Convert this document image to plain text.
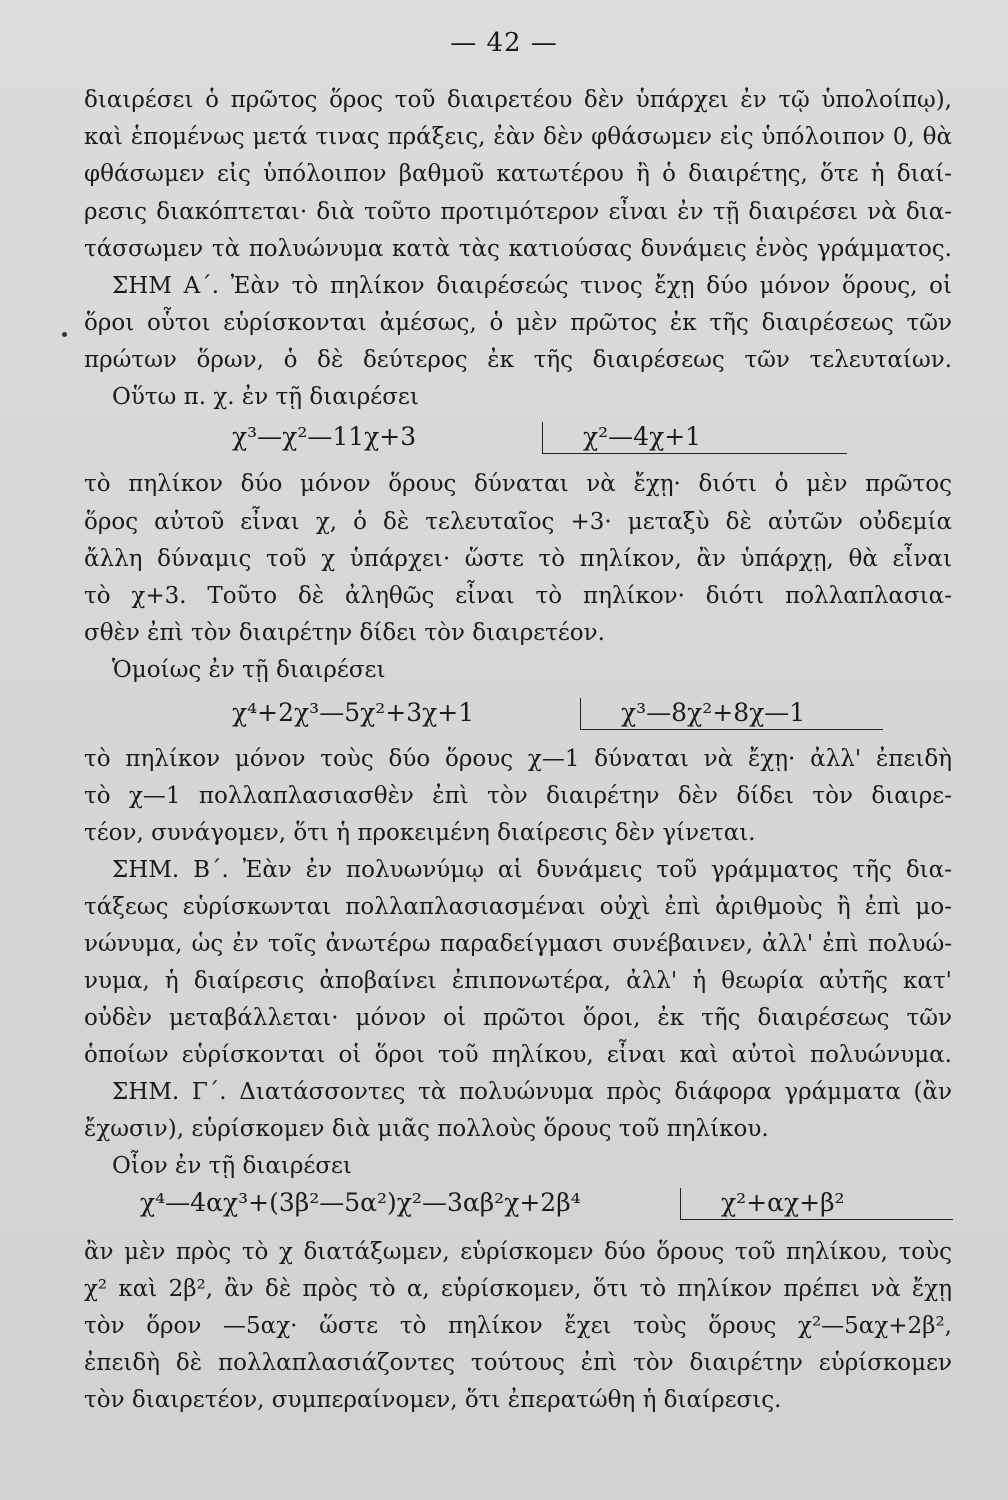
— 42 —
διαιρέσει ὁ πρῶτος ὅρος τοῦ διαιρετέου δὲν ὑπάρχει ἐν τῷ ὑπολοίπῳ),
καὶ ἑπομένως μετά τινας πράξεις, ἐὰν δὲν φθάσωμεν εἰς ὑπόλοιπον 0, θὰ
φθάσωμεν εἰς ὑπόλοιπον βαθμοῦ κατωτέρου ἢ ὁ διαιρέτης, ὅτε ἡ διαί-
ρεσις διακόπτεται· διὰ τοῦτο προτιμότερον εἶναι ἐν τῇ διαιρέσει νὰ δια-
τάσσωμεν τὰ πολυώνυμα κατὰ τὰς κατιούσας δυνάμεις ἑνὸς γράμματος.
ΣΗΜ Α΄. Ἐὰν τὸ πηλίκον διαιρέσεώς τινος ἔχῃ δύο μόνον ὅρους, οἱ
ὅροι οὗτοι εὑρίσκονται ἀμέσως, ὁ μὲν πρῶτος ἐκ τῆς διαιρέσεως τῶν
πρώτων ὅρων, ὁ δὲ δεύτερος ἐκ τῆς διαιρέσεως τῶν τελευταίων.
Οὕτω π. χ. ἐν τῇ διαιρέσει
χ³—χ²—11χ+3	χ²—4χ+1
τὸ πηλίκον δύο μόνον ὅρους δύναται νὰ ἔχῃ· διότι ὁ μὲν πρῶτος
ὅρος αὐτοῦ εἶναι χ, ὁ δὲ τελευταῖος +3· μεταξὺ δὲ αὐτῶν οὐδεμία
ἄλλη δύναμις τοῦ χ ὑπάρχει· ὥστε τὸ πηλίκον, ἂν ὑπάρχῃ, θὰ εἶναι
τὸ χ+3. Τοῦτο δὲ ἀληθῶς εἶναι τὸ πηλίκον· διότι πολλαπλασια-
σθὲν ἐπὶ τὸν διαιρέτην δίδει τὸν διαιρετέον.
Ὁμοίως ἐν τῇ διαιρέσει
χ⁴+2χ³—5χ²+3χ+1	χ³—8χ²+8χ—1
τὸ πηλίκον μόνον τοὺς δύο ὅρους χ—1 δύναται νὰ ἔχῃ· ἀλλ' ἐπειδὴ
τὸ χ—1 πολλαπλασιασθὲν ἐπὶ τὸν διαιρέτην δὲν δίδει τὸν διαιρε-
τέον, συνάγομεν, ὅτι ἡ προκειμένη διαίρεσις δὲν γίνεται.
ΣΗΜ. Β΄. Ἐὰν ἐν πολυωνύμῳ αἱ δυνάμεις τοῦ γράμματος τῆς δια-
τάξεως εὑρίσκωνται πολλαπλασιασμέναι οὐχὶ ἐπὶ ἀριθμοὺς ἢ ἐπὶ μο-
νώνυμα, ὡς ἐν τοῖς ἀνωτέρω παραδείγμασι συνέβαινεν, ἀλλ' ἐπὶ πολυώ-
νυμα, ἡ διαίρεσις ἀποβαίνει ἐπιπονωτέρα, ἀλλ' ἡ θεωρία αὐτῆς κατ'
οὐδὲν μεταβάλλεται· μόνον οἱ πρῶτοι ὅροι, ἐκ τῆς διαιρέσεως τῶν
ὁποίων εὑρίσκονται οἱ ὅροι τοῦ πηλίκου, εἶναι καὶ αὐτοὶ πολυώνυμα.
ΣΗΜ. Γ΄. Διατάσσοντες τὰ πολυώνυμα πρὸς διάφορα γράμματα (ἂν
ἔχωσιν), εὑρίσκομεν διὰ μιᾶς πολλοὺς ὅρους τοῦ πηλίκου.
Οἷον ἐν τῇ διαιρέσει
χ⁴—4αχ³+(3β²—5α²)χ²—3αβ²χ+2β⁴	χ²+αχ+β²
ἂν μὲν πρὸς τὸ χ διατάξωμεν, εὑρίσκομεν δύο ὅρους τοῦ πηλίκου, τοὺς
χ² καὶ 2β², ἂν δὲ πρὸς τὸ α, εὑρίσκομεν, ὅτι τὸ πηλίκον πρέπει νὰ ἔχῃ
τὸν ὅρον —5αχ· ὥστε τὸ πηλίκον ἔχει τοὺς ὅρους χ²—5αχ+2β²,
ἐπειδὴ δὲ πολλαπλασιάζοντες τούτους ἐπὶ τὸν διαιρέτην εὑρίσκομεν
τὸν διαιρετέον, συμπεραίνομεν, ὅτι ἐπερατώθη ἡ διαίρεσις.
